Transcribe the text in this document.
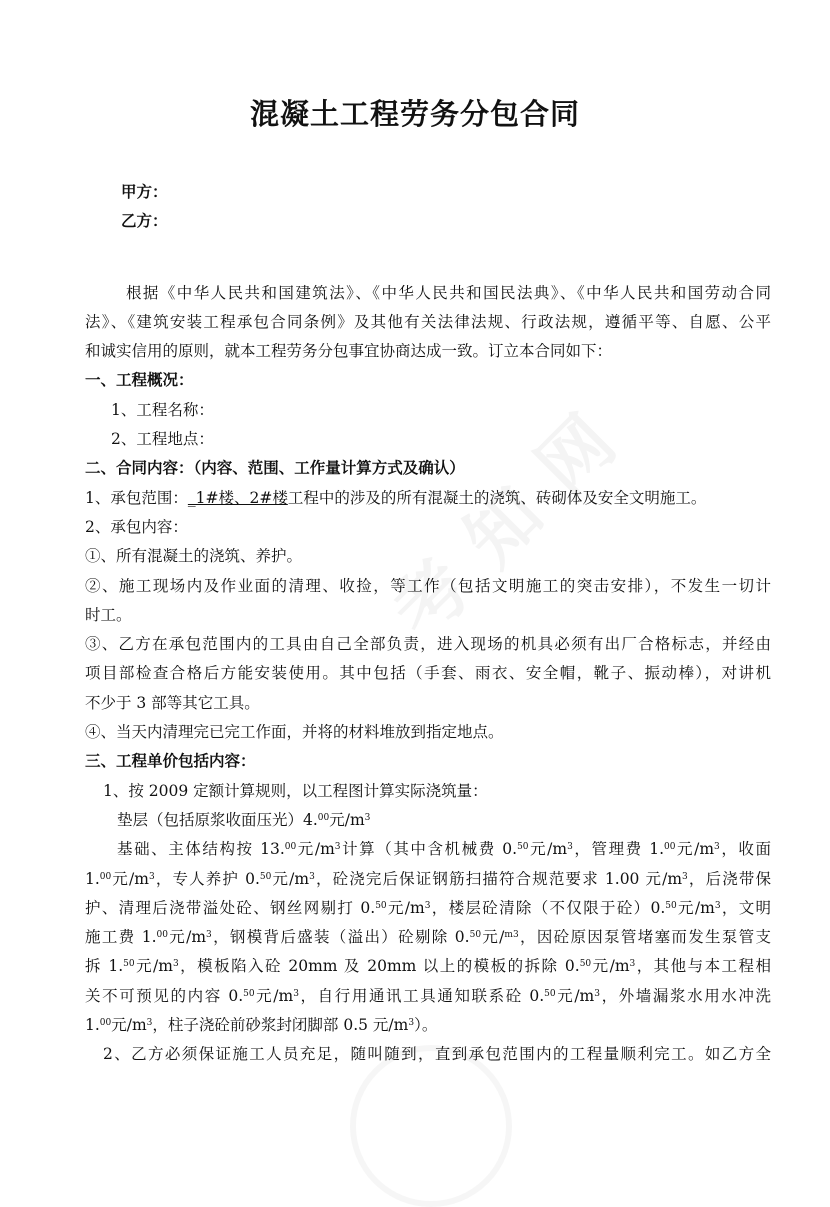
混凝土工程劳务分包合同
甲方：
乙方：
根据《中华人民共和国建筑法》、《中华人民共和国民法典》、《中华人民共和国劳动合同
法》、《建筑安装工程承包合同条例》及其他有关法律法规、行政法规，遵循平等、自愿、公平
和诚实信用的原则，就本工程劳务分包事宜协商达成一致。订立本合同如下：
一、工程概况：
1、工程名称：
2、工程地点：
二、合同内容：（内容、范围、工作量计算方式及确认）
1、承包范围：_1#楼、2#楼工程中的涉及的所有混凝土的浇筑、砖砌体及安全文明施工。
2、承包内容：
①、所有混凝土的浇筑、养护。
②、施工现场内及作业面的清理、收捡，等工作（包括文明施工的突击安排），不发生一切计
时工。
③、乙方在承包范围内的工具由自己全部负责，进入现场的机具必须有出厂合格标志，并经由
项目部检查合格后方能安装使用。其中包括（手套、雨衣、安全帽，靴子、振动棒），对讲机
不少于 3 部等其它工具。
④、当天内清理完已完工作面，并将的材料堆放到指定地点。
三、工程单价包括内容：
1、按 2009 定额计算规则，以工程图计算实际浇筑量：
垫层（包括原浆收面压光）4.00元$/m^3$
基础、主体结构按 13.00元$/m^3$计算（其中含机械费 0.50元$/m^3$，管理费 1.00元$/m^3$，收面
1.00元$/m^3$，专人养护 0.50元$/m^3$，砼浇完后保证钢筋扫描符合规范要求 1.00 元$/m^3$，后浇带保
护、清理后浇带溢处砼、钢丝网剔打 0.50元$/m^3$，楼层砼清除（不仅限于砼）0.50元$/m^3$，文明
施工费 1.00元$/m^3$，钢模背后盛装（溢出）砼剔除 0.50元/$^{m3}$，因砼原因泵管堵塞而发生泵管支
拆 1.50元$/m^3$，模板陷入砼 20mm 及 20mm 以上的模板的拆除 0.50元$/m^3$，其他与本工程相
关不可预见的内容 0.50元$/m^3$，自行用通讯工具通知联系砼 0.50元$/m^3$，外墙漏浆水用水冲洗
1.00元$/m^3$，柱子浇砼前砂浆封闭脚部 0.5 元$/m^3$）。
2、乙方必须保证施工人员充足，随叫随到，直到承包范围内的工程量顺利完工。如乙方全
